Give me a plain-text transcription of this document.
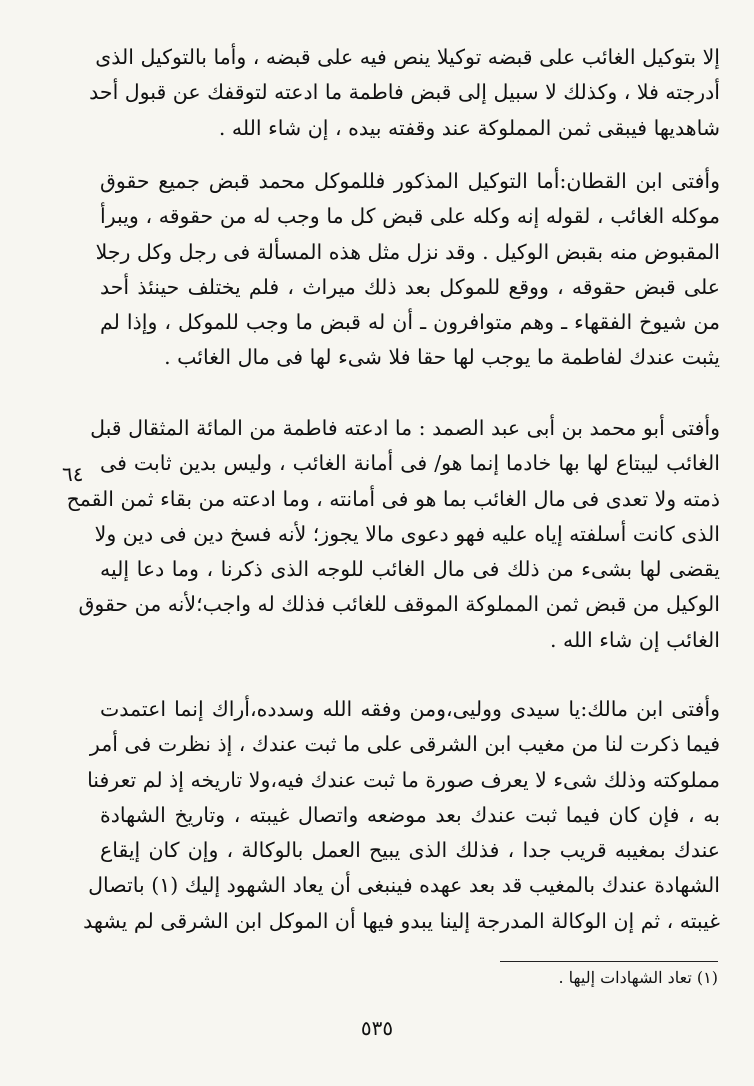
إلا بتوكيل الغائب على قبضه توكيلا ينص فيه على قبضه ، وأما بالتوكيل الذى
أدرجته فلا ، وكذلك لا سبيل إلى قبض فاطمة ما ادعته لتوقفك عن قبول أحد
شاهديها فيبقى ثمن المملوكة عند وقفته بيده ، إن شاء الله .
وأفتى ابن القطان:أما التوكيل المذكور فللموكل محمد قبض جميع حقوق
موكله الغائب ، لقوله إنه وكله على قبض كل ما وجب له من حقوقه ، ويبرأ
المقبوض منه بقبض الوكيل . وقد نزل مثل هذه المسألة فى رجل وكل رجلا
على قبض حقوقه ، ووقع للموكل بعد ذلك ميراث ، فلم يختلف حينئذ أحد
من شيوخ الفقهاء ـ وهم متوافرون ـ أن له قبض ما وجب للموكل ، وإذا لم
يثبت عندك لفاطمة ما يوجب لها حقا فلا شىء لها فى مال الغائب .
وأفتى أبو محمد بن أبى عبد الصمد : ما ادعته فاطمة من المائة المثقال قبل
الغائب ليبتاع لها بها خادما إنما هو/ فى أمانة الغائب ، وليس بدين ثابت فى
ذمته ولا تعدى فى مال الغائب بما هو فى أمانته ، وما ادعته من بقاء ثمن القمح
الذى كانت أسلفته إياه عليه فهو دعوى مالا يجوز؛ لأنه فسخ دين فى دين ولا
يقضى لها بشىء من ذلك فى مال الغائب للوجه الذى ذكرنا ، وما دعا إليه
الوكيل من قبض ثمن المملوكة الموقف للغائب فذلك له واجب؛لأنه من حقوق
الغائب إن شاء الله .
وأفتى ابن مالك:يا سيدى ووليى،ومن وفقه الله وسدده،أراك إنما اعتمدت
فيما ذكرت لنا من مغيب ابن الشرقى على ما ثبت عندك ، إذ نظرت فى أمر
مملوكته وذلك شىء لا يعرف صورة ما ثبت عندك فيه،ولا تاريخه إذ لم تعرفنا
به ، فإن كان فيما ثبت عندك بعد موضعه واتصال غيبته ، وتاريخ الشهادة
عندك بمغيبه قريب جدا ، فذلك الذى يبيح العمل بالوكالة ، وإن كان إيقاع
الشهادة عندك بالمغيب قد بعد عهده فينبغى أن يعاد الشهود إليك (١) باتصال
غيبته ، ثم إن الوكالة المدرجة إلينا يبدو فيها أن الموكل ابن الشرقى لم يشهد
٦٤
(١) تعاد الشهادات إليها .
٥٣٥
